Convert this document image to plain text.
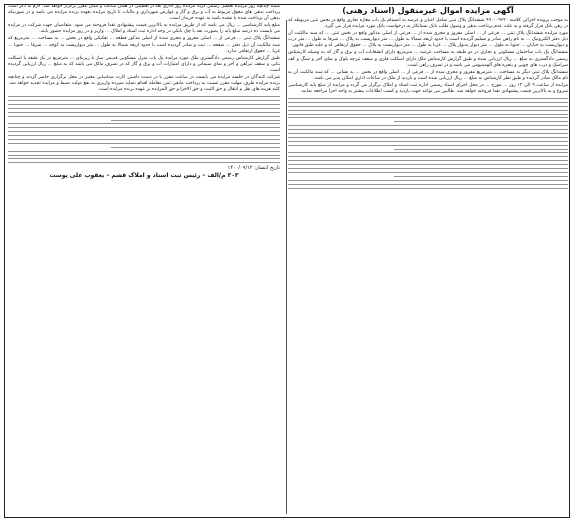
آگهی مزایده اموال غیرمنقول (اسناد رهنی)

به موجب پرونده اجرائی کلاسه ۹۹۰۰۰۹۶۲۰ ششدانگ پلاک ثبتی شامل اعیان و عرصه به انضمام یک باب مغازه تجاری واقع در بخش ثبتی مربوطه که در رهن بانک قرار گرفته و به علت عدم پرداخت بدهی و وصول طلب بانک بستانکار به درخواست بانک مورد مزایده قرار می گیرد.

مورد مزایده ششدانگ پلاک ثبتی ... فرعی از ... اصلی مفروز و مجزی شده از ... فرعی از اصلی مذکور واقع در بخش ثبتی ... که سند مالکیت آن ذیل دفتر الکترونیک ... به نام راهن صادر و تسلیم گردیده است با حدود اربعه شمالا به طول ... متر دیواریست به پلاک ... شرقا به طول ... متر درب و دیواریست به خیابان ... جنوبا به طول ... متر دیوار بدیوار پلاک ... غربا به طول ... متر دیواریست به پلاک ... حقوق ارتفاقی له و علیه طبق قانون.

ششدانگ یک باب ساختمان مسکونی و تجاری در دو طبقه به مساحت عرصه ... مترمربع دارای انشعابات آب و برق و گاز که به وسیله کارشناس رسمی دادگستری به مبلغ ... ریال ارزیابی شده و طبق گزارش کارشناس ملک دارای اسکلت فلزی و سقف تیرچه بلوک و نمای آجر و سنگ و کف سرامیک و درب های چوبی و پنجره های آلومینیومی می باشد و در تصرف راهن است.

ششدانگ پلاک ثبتی دیگر به مساحت ... مترمربع مفروز و مجزی شده از ... فرعی از ... اصلی واقع در بخش ... به نشانی ... که سند مالکیت آن به نام مالک صادر گردیده و طبق نظر کارشناس به مبلغ ... ریال ارزیابی شده است و بازدید از ملک در ساعات اداری امکان پذیر می باشد.

مزایده از ساعت ۹ الی ۱۲ روز ... مورخ ... در محل اجرای اسناد رسمی اداره ثبت اسناد و املاک برگزار می گردد و مزایده از مبلغ پایه کارشناسی شروع و به بالاترین قیمت پیشنهادی نقدا فروخته خواهد شد. طالبین می توانند جهت بازدید و کسب اطلاعات بیشتر به واحد اجرا مراجعه نمایند.

ضمنا چنانچه روز مزایده تعطیل رسمی گردد مزایده روز اداری بعد از تعطیلی در همان ساعت و مکان مقرر برگزار خواهد شد. لازم به ذکر است پرداخت بدهی های معوق مربوط به آب و برق و گاز و عوارض شهرداری و مالیات تا تاریخ مزایده بعهده برنده مزایده می باشد و در صورتیکه بدهی آن پرداخت شده یا نشده باشد به عهده خریدار است.

مبلغ پایه کارشناسی ... ریال می باشد که از طریق مزایده به بالاترین قیمت پیشنهادی نقدا فروخته می شود. متقاضیان جهت شرکت در مزایده می بایست ده درصد مبلغ پایه را بصورت نقد یا چک بانکی در وجه اداره ثبت اسناد و املاک ... واریز و در روز مزایده حضور یابند.

ششدانگ پلاک ثبتی ... فرعی از ... اصلی مفروز و مجزی شده از اصلی مذکور قطعه ... تفکیکی واقع در بخش ... به مساحت ... مترمربع که سند مالکیت آن ذیل دفتر ... صفحه ... ثبت و صادر گردیده است با حدود اربعه شمالا به طول ... متر دیواریست به کوچه ... شرقا ... جنوبا ... غربا ... حقوق ارتفاقی ندارد.

طبق گزارش کارشناس رسمی دادگستری ملک مورد مزایده یک باب منزل مسکونی قدیمی ساز با زیربنای ... مترمربع در یک طبقه با اسکلت بنایی و سقف تیرآهن و آجر و نمای سیمانی و دارای امتیازات آب و برق و گاز که در تصرف مالک می باشد که به مبلغ ... ریال ارزیابی گردیده است.

شرکت کنندگان در جلسه مزایده می بایست در ساعت مقرر با در دست داشتن کارت شناسایی معتبر در محل برگزاری حاضر گردند و چنانچه برنده مزایده ظرف مهلت مقرر نسبت به پرداخت مابقی ثمن معامله اقدام ننماید سپرده واریزی به نفع دولت ضبط و مزایده تجدید خواهد شد. کلیه هزینه های نقل و انتقال و حق الثبت و حق الاجرا و حق المزایده بر عهده برنده مزایده است.

تاریخ انتشار: ۱۴۰۰/۰۹/۱۲
۳۰۳ م/الف – رئیس ثبت اسناد و املاک قشم – یعقوب علی پوست
